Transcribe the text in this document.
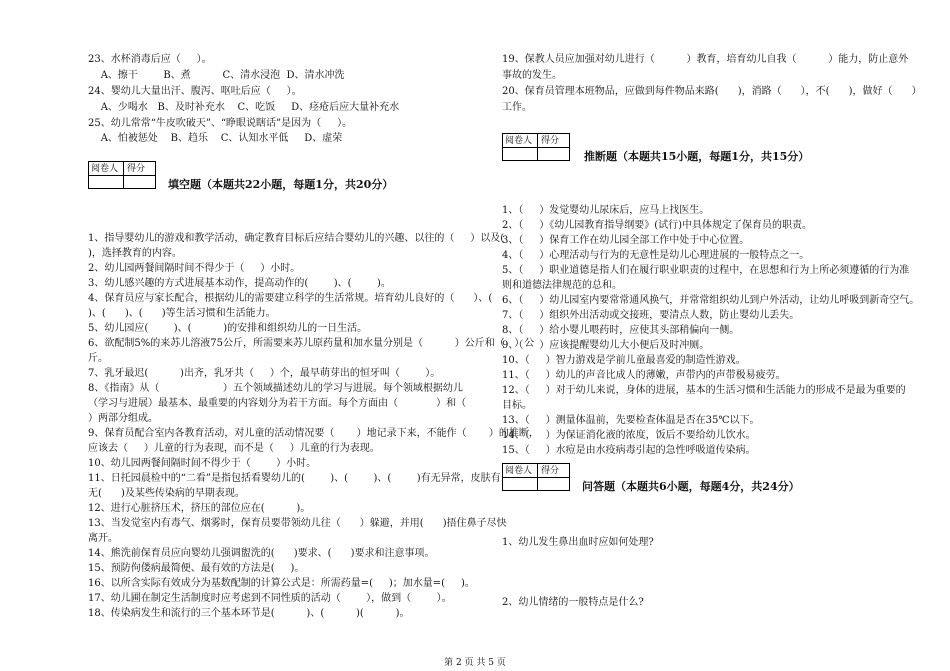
23、水杯消毒后应（     ）。
A、擦干        B、煮          C、清水浸泡  D、清水冲洗
24、婴幼儿大量出汗、腹泻、呕吐后应（     ）。
A、少喝水   B、及时补充水    C、吃饭     D、痉疮后应大量补充水
25、幼儿常常“牛皮吹破天”、“睁眼说瞎话”是因为（     ）。
A、怕被惩处    B、趋乐    C、认知水平低     D、虚荣
阅卷人 得分
填空题（本题共22小题，每题1分，共20分）
1、指导婴幼儿的游戏和教学活动，确定教育目标后应结合婴幼儿的兴趣、以往的（     ）以及(
)，选择教育的内容。
2、幼儿园两餐间隔时间不得少于（     ）小时。
3、幼儿感兴趣的方式进展基本动作，提高动作的(        )、(        )。
4、保育员应与家长配合，根据幼儿的需要建立科学的生活常规。培育幼儿良好的（      ）、(
)、(      )、(      )等生活习惯和生活能力。
5、幼儿园应(        )、(          )的安排和组织幼儿的一日生活。
6、欲配制5%的来苏儿溶液75公斤，所需要来苏儿原药量和加水量分别是（          ）公斤和（   ）公
斤。
7、乳牙最迟(          )出齐，乳牙共（     ）个，最早萌芽出的恒牙叫（        ）。
8、《指南》从（                    ）五个领域描述幼儿的学习与进展。每个领域根据幼儿
（学习与进展）最基本、最重要的内容划分为若干方面。每个方面由（            ）和（
）两部分组成。
9、保育员配合室内各教育活动，对儿童的活动情况要（       ）地记录下来，不能作（       ）的推断，
应该去（     ）儿童的行为表现，而不是（     ）儿童的行为表现。
10、幼儿园两餐间隔时间不得少于（        ）小时。
11、日托园晨检中的“二看”是指包括看婴幼儿的(        )、(        )、(        )有无异常，皮肤有
无(      )及某些传染病的早期表现。
12、进行心脏挤压术，挤压的部位应在(          )。
13、当发觉室内有毒气、烟雾时，保育员要带领幼儿往（      ）躲避，并用(      )捂住鼻子尽快
离开。
14、熊洗前保育员应向婴幼儿强调盥洗的(      )要求、(      )要求和注意事项。
15、预防佝偻病最简便、最有效的方法是(     )。
16、以所含实际有效成分为基数配制的计算公式是：所需药量=(     )；加水量=(     )。
17、幼儿圃在制定生活制度时应考虑到不同性质的活动（        ），做到（        ）。
18、传染病发生和流行的三个基本环节是(          )、(          )(          )。
19、保教人员应加强对幼儿进行（          ）教育，培育幼儿自我（          ）能力，防止意外
事故的发生。
20、保育员管理本班物品，应做到每件物品来路(      )，消路（      ），不(      )，做好（      ）
工作。
阅卷人 得分
推断题（本题共15小题，每题1分，共15分）
1、（     ）发觉婴幼儿尿床后，应马上找医生。
2、（     ）《幼儿园教育指导纲要》(试行)中具体规定了保育员的职责。
3、（     ）保育工作在幼儿园全部工作中处于中心位置。
4、（     ）心理活动与行为的无意性是幼儿心理进展的一般特点之一。
5、（     ）职业道德是指人们在履行职业职责的过程中，在思想和行为上所必须遵循的行为准
则和道德法律规范的总和。
6、（     ）幼儿园室内要常常通风换气，并常常组织幼儿到户外活动，让幼儿呼吸到新奇空气。
7、（     ）组织外出活动或交接班，要清点人数，防止婴幼儿丢失。
8、（     ）给小婴儿喂药时，应使其头部稍偏向一侧。
9、（     ）应该提醒婴幼儿大小便后及时冲厕。
10、（     ）智力游戏是学前儿童最喜爱的制造性游戏。
11、（     ）幼儿的声音比成人的薄嫩，声带内的声带极易疲劳。
12、（     ）对于幼儿来说，身体的进展，基本的生活习惯和生活能力的形成不是最为重要的
目标。
13、（     ）测量体温前，先要检查体温是否在35℃以下。
14、（     ）为保证消化液的浓度，饭后不要给幼儿饮水。
15、（     ）水痘是由水疫病毒引起的急性呼吸道传染病。
阅卷人 得分
问答题（本题共6小题，每题4分，共24分）
1、幼儿发生鼻出血时应如何处理?
2、幼儿情绪的一般特点是什么?
第 2 页 共 5 页
